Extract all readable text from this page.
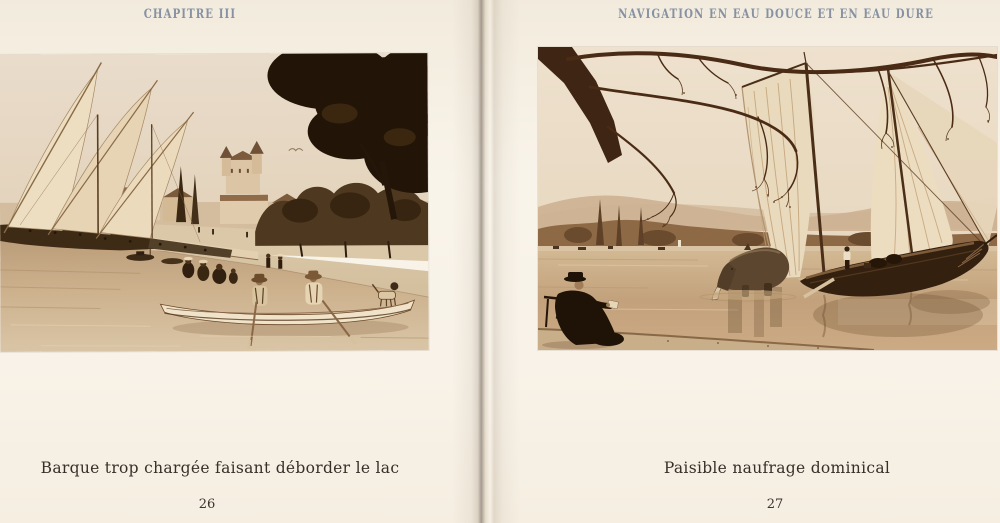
CHAPITRE III
Barque trop chargée faisant déborder le lac
26
NAVIGATION EN EAU DOUCE ET EN EAU DURE
Paisible naufrage dominical
27
